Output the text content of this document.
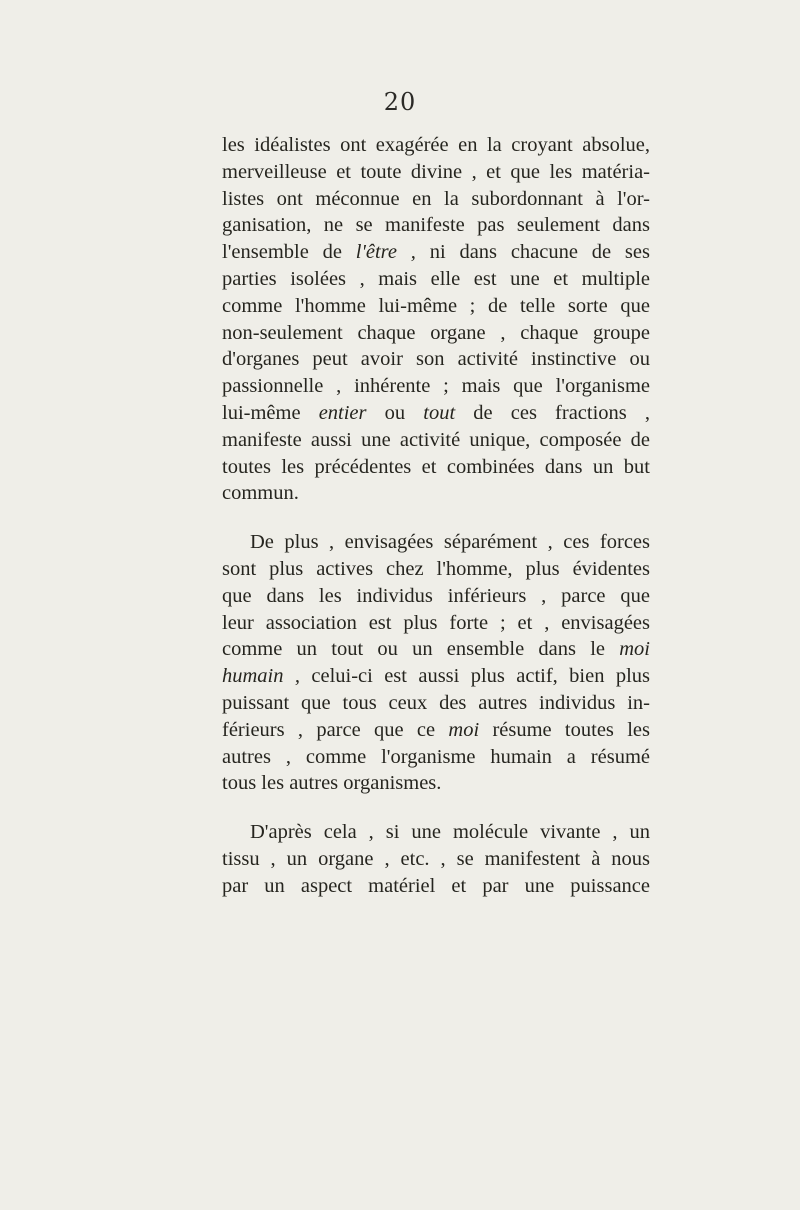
20
les idéalistes ont exagérée en la croyant absolue,
merveilleuse et toute divine , et que les matéria-
listes ont méconnue en la subordonnant à l'or-
ganisation, ne se manifeste pas seulement dans
l'ensemble de l'être , ni dans chacune de ses
parties isolées , mais elle est une et multiple
comme l'homme lui-même ; de telle sorte que
non-seulement chaque organe , chaque groupe
d'organes peut avoir son activité instinctive ou
passionnelle , inhérente ; mais que l'organisme
lui-même entier ou tout de ces fractions ,
manifeste aussi une activité unique, composée de
toutes les précédentes et combinées dans un but
commun.
De plus , envisagées séparément , ces forces
sont plus actives chez l'homme, plus évidentes
que dans les individus inférieurs , parce que
leur association est plus forte ; et , envisagées
comme un tout ou un ensemble dans le moi
humain , celui-ci est aussi plus actif, bien plus
puissant que tous ceux des autres individus in-
férieurs , parce que ce moi résume toutes les
autres , comme l'organisme humain a résumé
tous les autres organismes.
D'après cela , si une molécule vivante , un
tissu , un organe , etc. , se manifestent à nous
par un aspect matériel et par une puissance
